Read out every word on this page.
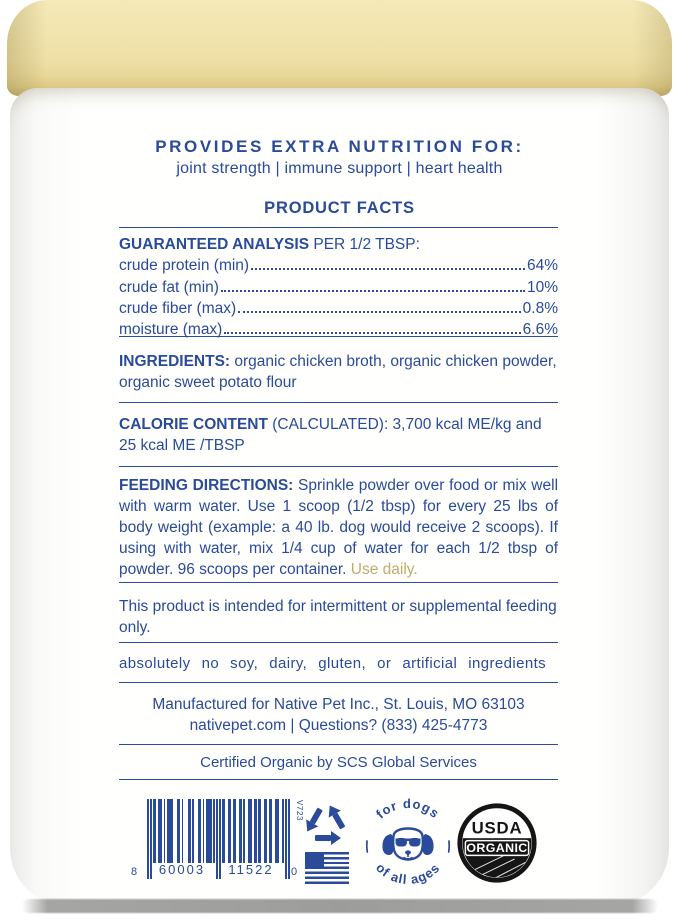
PROVIDES EXTRA NUTRITION FOR:
joint strength | immune support | heart health
PRODUCT FACTS
GUARANTEED ANALYSIS PER 1/2 TBSP:
crude protein (min)	64%
crude fat (min)	10%
crude fiber (max)	0.8%
moisture (max)	6.6%
INGREDIENTS: organic chicken broth, organic chicken powder, organic sweet potato flour
CALORIE CONTENT (CALCULATED): 3,700 kcal ME/kg and 25 kcal ME /TBSP
FEEDING DIRECTIONS: Sprinkle powder over food or mix well with warm water. Use 1 scoop (1/2 tbsp) for every 25 lbs of body weight (example: a 40 lb. dog would receive 2 scoops). If using with water, mix 1/4 cup of water for each 1/2 tbsp of powder. 96 scoops per container. Use daily.
This product is intended for intermittent or supplemental feeding only.
absolutely no soy, dairy, gluten, or artificial ingredients
Manufactured for Native Pet Inc., St. Louis, MO 63103
nativepet.com | Questions? (833) 425-4773
Certified Organic by SCS Global Services
8	60003	11522	0
V723	for dogs
of all ages
USDA
ORGANIC
